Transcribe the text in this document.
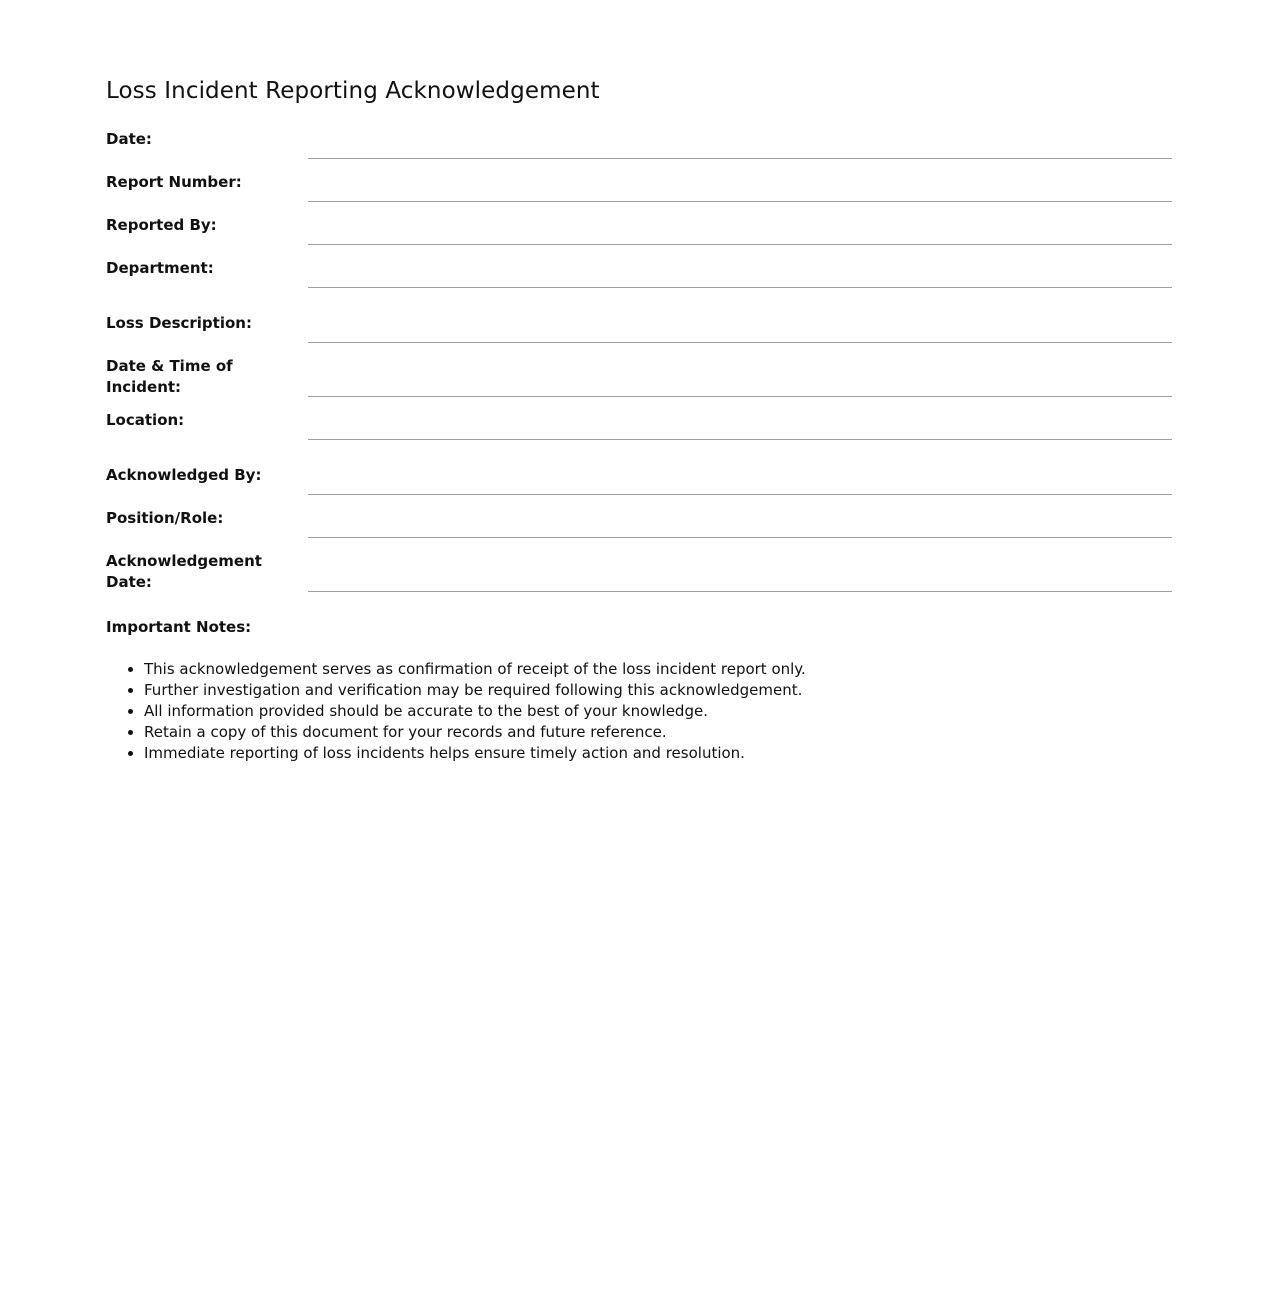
Loss Incident Reporting Acknowledgement
Date:
Report Number:
Reported By:
Department:
Loss Description:
Date & Time of Incident:
Location:
Acknowledged By:
Position/Role:
Acknowledgement Date:
Important Notes:
• This acknowledgement serves as confirmation of receipt of the loss incident report only.
• Further investigation and verification may be required following this acknowledgement.
• All information provided should be accurate to the best of your knowledge.
• Retain a copy of this document for your records and future reference.
• Immediate reporting of loss incidents helps ensure timely action and resolution.
